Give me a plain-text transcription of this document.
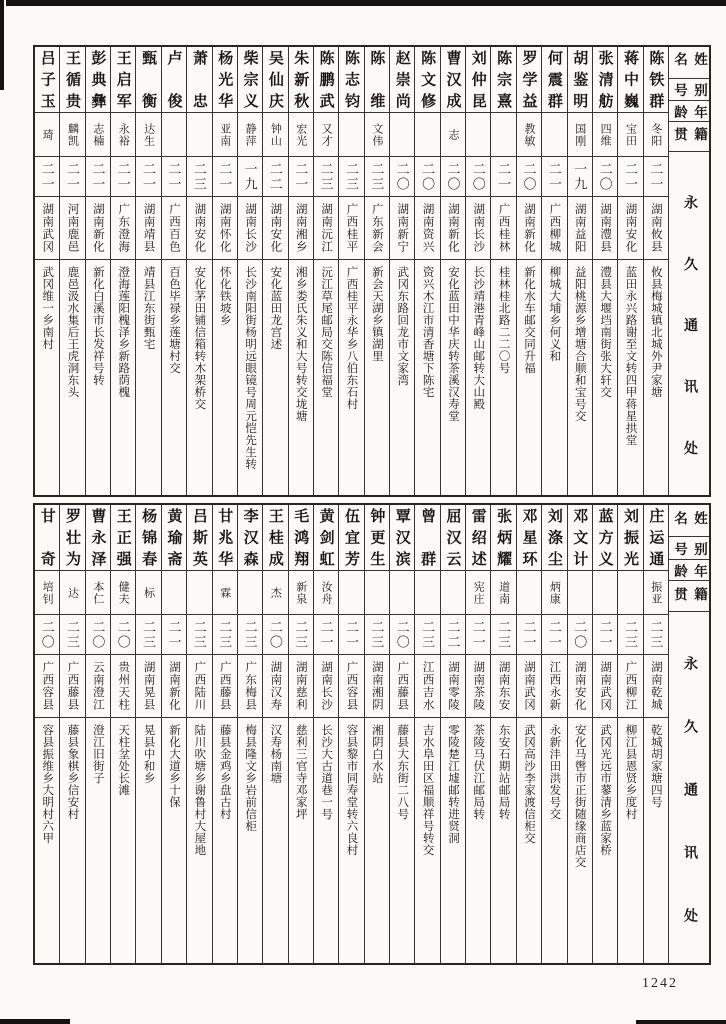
姓名
别号
年龄
籍贯
永久通讯处
陈铁群
冬阳
二一
湖南攸县
攸县梅城镇北城外尹家塘
蒋中巍
宝田
二一
湖南安化
蓝田永兴路谢至文转四甲蒋星拱堂
张清舫
四维
二〇
湖南澧县
澧县大堰垱南街张大轩交
胡鉴明
国刚
一九
湖南益阳
益阳桃源乡增塘合顺和宝号交
何震群
二一
广西柳城
柳城大埔乡何义和
罗学益
教敏
二〇
湖南新化
新化水车邮交同升福
陈宗熹
二一
广西桂林
桂林桂北路二二〇号
刘仲昆
二〇
湖南长沙
长沙靖港青峰山邮转大山殿
曹汉成
志
二〇
湖南新化
安化蓝田中华庆转茶溪汉寿堂
陈文修
二〇
湖南资兴
资兴木江市清香塘下陈宅
赵崇尚
二〇
湖南新宁
武冈东路回龙市文家湾
陈维
文伟
二三
广东新会
新会天湖乡镇湖里
陈志钧
二三
广西桂平
广西桂平永华乡八伯东石村
陈鹏武
又才
二三
湖南沅江
沅江草尾邮局交陈信福堂
朱新秋
宏光
二一
湖南湘乡
湘乡娄氏朱义和大号转交垅塘
吴仙庆
钟山
二二
湖南安化
安化蓝田龙宫述
柴宗义
静萍
一九
湖南长沙
长沙南阳街杨明远眼镜号周元恺先生转
杨光华
亚南
二一
湖南怀化
怀化铁坡乡
萧忠
二三
湖南安化
安化茅田铺信箱转木架桥交
卢俊
二一
广西百色
百色毕禄乡莲塘村交
甄衡
达生
二一
湖南靖县
靖县江东街甄宅
王启军
永裕
二一
广东澄海
澄海莲阳槐泽乡新路荫槐
彭典彝
志楠
二一
湖南新化
新化白溪市长发祥号转
王循贵
麟凯
二一
河南鹿邑
鹿邑汲水集后王虎洞东头
吕子玉
琦
二一
湖南武冈
武冈维一乡南村
姓名
别号
年龄
籍贯
永久通讯处
庄运通
振亚
二三
湖南乾城
乾城胡家塘四号
刘振光
二三
广西柳江
柳江县恩贤乡度村
蓝方义
二一
湖南武冈
武冈光远市蓼清乡蓝家桥
邓文计
二〇
湖南安化
安化马辔市正街随缘商店交
刘涤尘
炳康
二一
江西永新
永新沣田洪发号交
邓星环
二一
湖南武冈
武冈高沙李家渡信柜交
张炳耀
道南
二三
湖南东安
东安石期站邮局转
雷绍述
宪庄
二一
湖南茶陵
茶陵马伏江邮局转
屈汉云
二二
湖南零陵
零陵楚江墟邮转进贤洞
曾群
二三
江西吉水
吉水阜田区福顺祥号转交
覃汉滨
二〇
广西藤县
藤县大东街二八号
钟更生
二三
湖南湘阴
湘阴白水站
伍宜芳
二一
广西容县
容县黎市同寿堂转六良村
黄剑虹
汝舟
二一
湖南长沙
长沙大古道巷一号
毛鸿翔
新泉
二三
湖南慈利
慈利三官寺邓家坪
王桂成
杰
二〇
湖南汉寿
汉寿杨南塘
李汉森
二三
广东梅县
梅县隆文乡岩前信柜
甘兆华
霖
二三
广西藤县
藤县金鸡乡盘古村
吕斯英
二三
广西陆川
陆川吹塘乡谢鲁村大屋地
黄瑜斋
二一
湖南新化
新化大道乡十保
杨锦春
标
二三
湖南晃县
晃县中和乡
王正强
健夫
二〇
贵州天柱
天柱坌处长滩
曹永泽
本仁
二〇
云南澄江
澄江旧街子
罗壮为
达
二三
广西藤县
藤县象棋乡信安村
甘奇
培钊
二〇
广西容县
容县振维乡大明村六甲
1242
